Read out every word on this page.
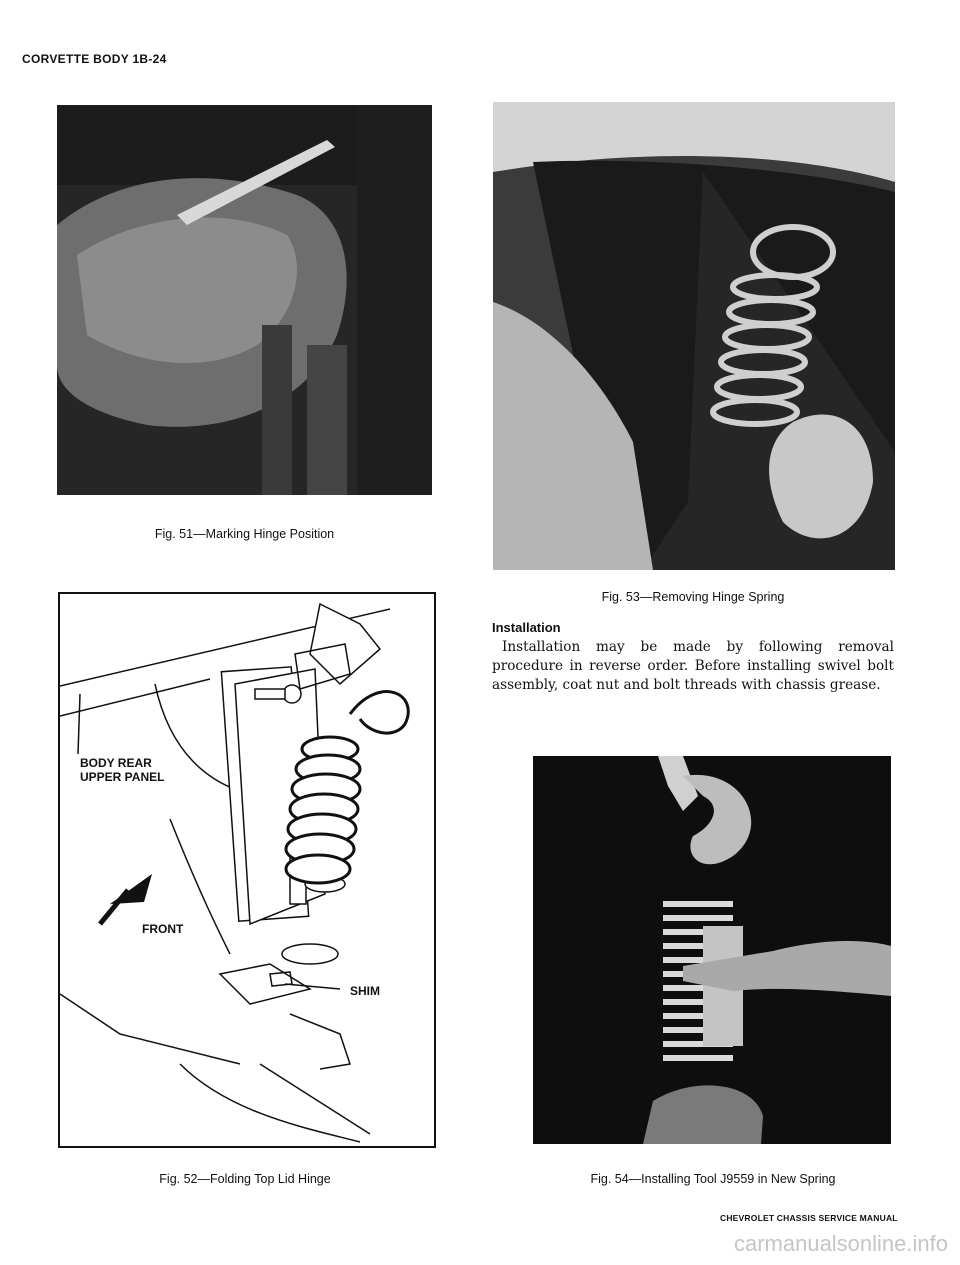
CORVETTE BODY 1B-24
Fig. 51—Marking Hinge Position
Fig. 53—Removing Hinge Spring
Installation
Installation may be made by following removal procedure in reverse order. Before installing swivel bolt assembly, coat nut and bolt threads with chassis grease.
BODY REAR
UPPER PANEL
FRONT
SHIM
Fig. 52—Folding Top Lid Hinge	Fig. 54—Installing Tool J9559 in New Spring
CHEVROLET CHASSIS SERVICE MANUAL
carmanualsonline.info
